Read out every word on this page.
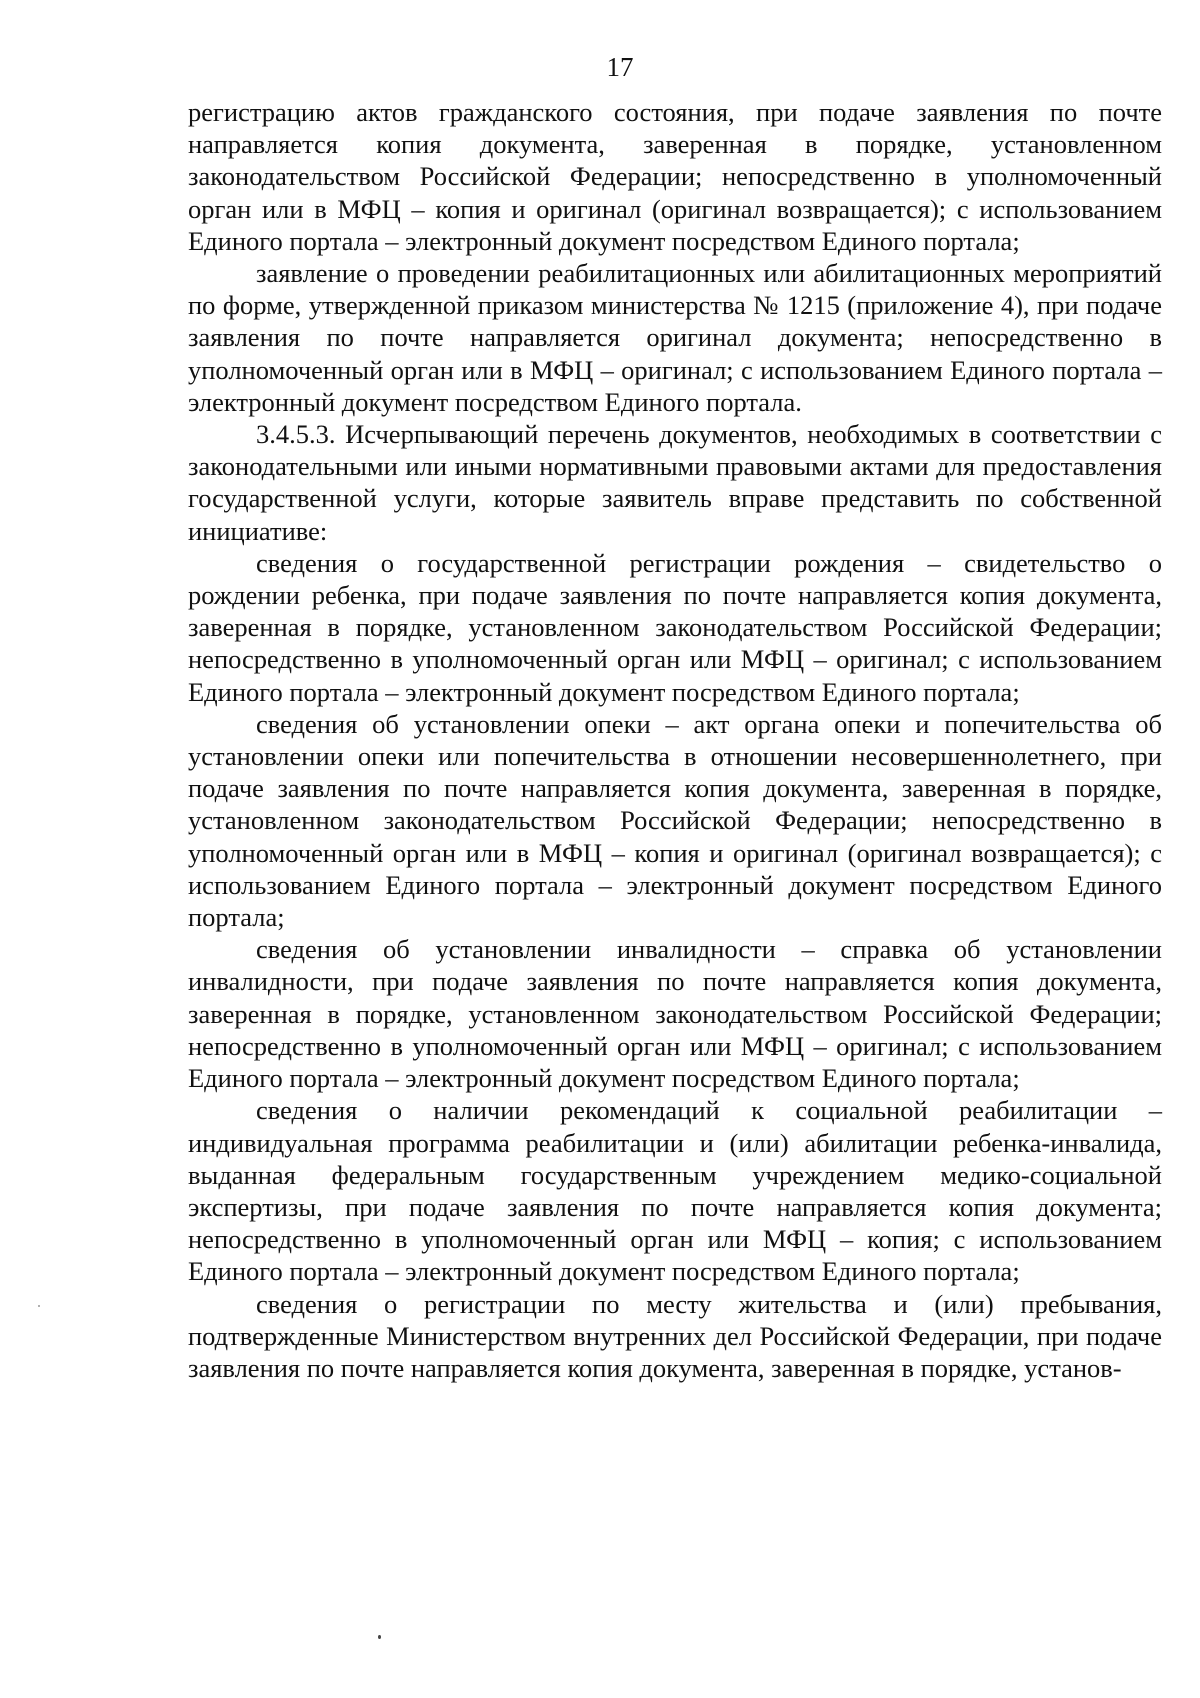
17

регистрацию актов гражданского состояния, при подаче заявления по почте направляется копия документа, заверенная в порядке, установленном законодательством Российской Федерации; непосредственно в уполномоченный орган или в МФЦ – копия и оригинал (оригинал возвращается); с использованием Единого портала – электронный документ посредством Единого портала;

заявление о проведении реабилитационных или абилитационных мероприятий по форме, утвержденной приказом министерства № 1215 (приложение 4), при подаче заявления по почте направляется оригинал документа; непосредственно в уполномоченный орган или в МФЦ – оригинал; с использованием Единого портала – электронный документ посредством Единого портала.

3.4.5.3. Исчерпывающий перечень документов, необходимых в соответствии с законодательными или иными нормативными правовыми актами для предоставления государственной услуги, которые заявитель вправе представить по собственной инициативе:

сведения о государственной регистрации рождения – свидетельство о рождении ребенка, при подаче заявления по почте направляется копия документа, заверенная в порядке, установленном законодательством Российской Федерации; непосредственно в уполномоченный орган или МФЦ – оригинал; с использованием Единого портала – электронный документ посредством Единого портала;

сведения об установлении опеки – акт органа опеки и попечительства об установлении опеки или попечительства в отношении несовершеннолетнего, при подаче заявления по почте направляется копия документа, заверенная в порядке, установленном законодательством Российской Федерации; непосредственно в уполномоченный орган или в МФЦ – копия и оригинал (оригинал возвращается); с использованием Единого портала – электронный документ посредством Единого портала;

сведения об установлении инвалидности – справка об установлении инвалидности, при подаче заявления по почте направляется копия документа, заверенная в порядке, установленном законодательством Российской Федерации; непосредственно в уполномоченный орган или МФЦ – оригинал; с использованием Единого портала – электронный документ посредством Единого портала;

сведения о наличии рекомендаций к социальной реабилитации – индивидуальная программа реабилитации и (или) абилитации ребенка-инвалида, выданная федеральным государственным учреждением медико-социальной экспертизы, при подаче заявления по почте направляется копия документа; непосредственно в уполномоченный орган или МФЦ – копия; с использованием Единого портала – электронный документ посредством Единого портала;

сведения о регистрации по месту жительства и (или) пребывания, подтвержденные Министерством внутренних дел Российской Федерации, при подаче заявления по почте направляется копия документа, заверенная в порядке, установ-
